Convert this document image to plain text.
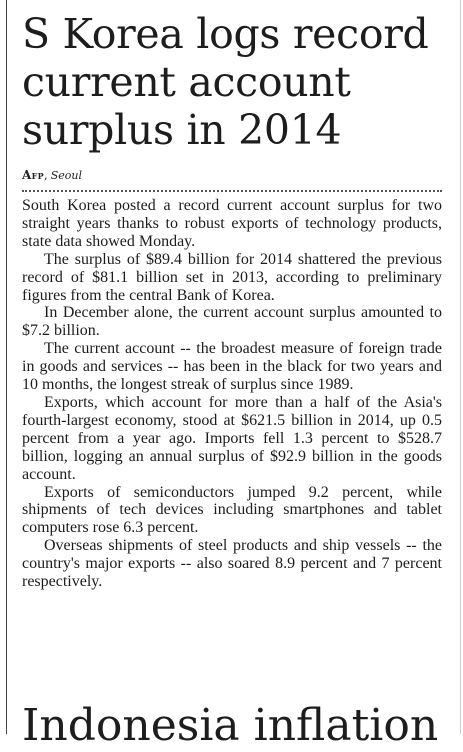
S Korea logs record
current account
surplus in 2014
Afp, Seoul

South Korea posted a record current account surplus for two straight years thanks to robust exports of technology products, state data showed Monday.

The surplus of $89.4 billion for 2014 shattered the previous record of $81.1 billion set in 2013, according to preliminary figures from the central Bank of Korea.

In December alone, the current account surplus amounted to $7.2 billion.

The current account -- the broadest measure of foreign trade in goods and services -- has been in the black for two years and 10 months, the longest streak of surplus since 1989.

Exports, which account for more than a half of the Asia's fourth-largest economy, stood at $621.5 billion in 2014, up 0.5 percent from a year ago. Imports fell 1.3 percent to $528.7 billion, logging an annual surplus of $92.9 billion in the goods account.

Exports of semiconductors jumped 9.2 percent, while shipments of tech devices including smartphones and tablet computers rose 6.3 percent.

Overseas shipments of steel products and ship vessels -- the country's major exports -- also soared 8.9 percent and 7 percent respectively.

Indonesia inflation
